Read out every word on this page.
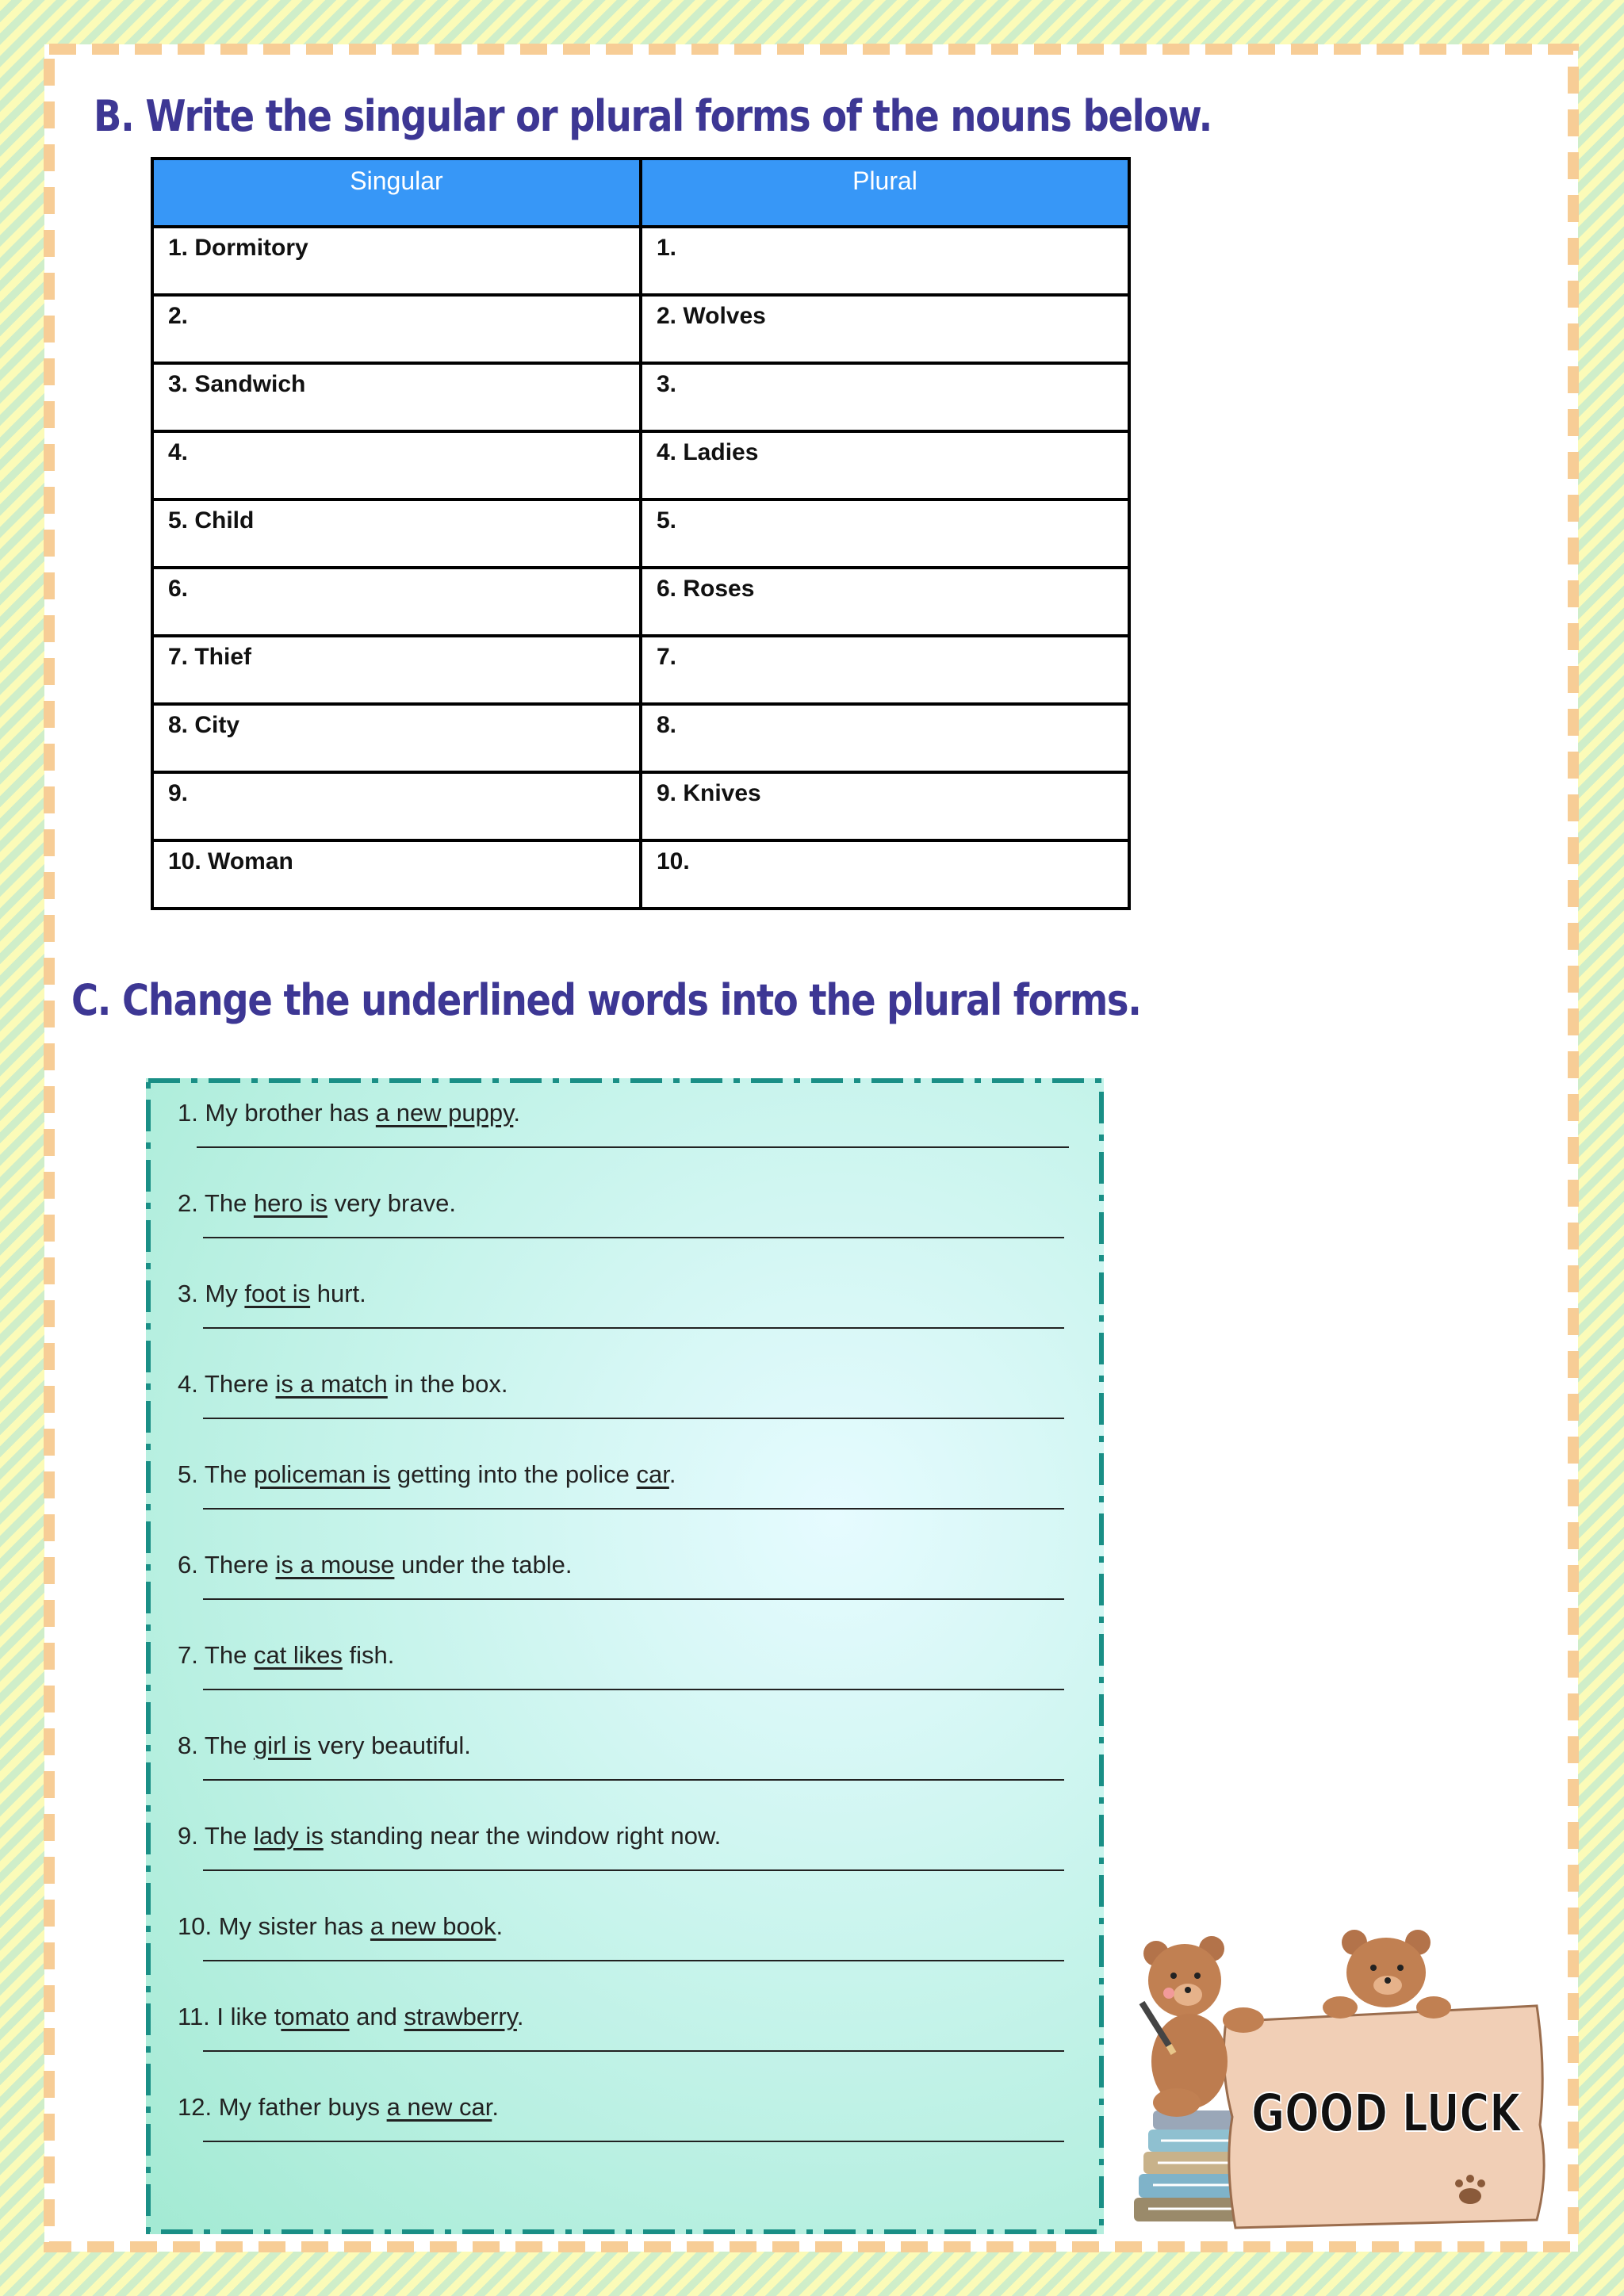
B. Write the singular or plural forms of the nouns below.
Singular	Plural
1. Dormitory	1.
2.	2. Wolves
3. Sandwich	3.
4.	4. Ladies
5. Child	5.
6.	6. Roses
7. Thief	7.
8. City	8.
9.	9. Knives
10. Woman	10.
C. Change the underlined words into the plural forms.
1. My brother has a new puppy.
2. The hero is very brave.
3. My foot is hurt.
4. There is a match in the box.
5. The policeman is getting into the police car.
6. There is a mouse under the table.
7. The cat likes fish.
8. The girl is very beautiful.
9. The lady is standing near the window right now.
10. My sister has a new book.
11. I like tomato and strawberry.
12. My father buys a new car.	GOOD LUCK
